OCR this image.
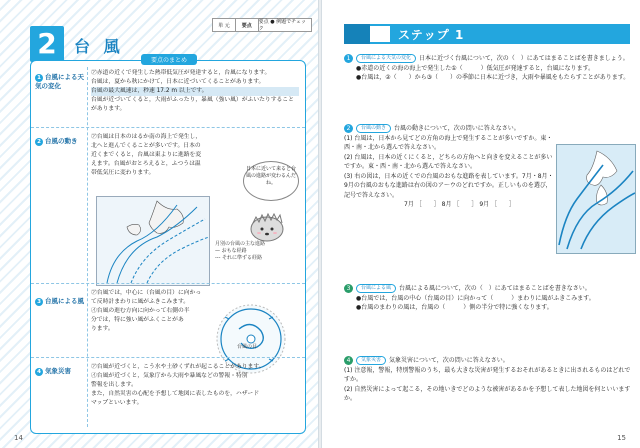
2	台 風
単 元	要点
要点 ● 例題でチェック
要点のまとめ
1 台風による天気の変化

㋐赤道の近くで発生した熱帯低気圧が発達すると，台風になります。

台風は，夏から秋にかけて，日本に近づいてくることがあります。

台風の最大風速は，秒速 17.2 m 以上です。

台風が近づいてくると，大雨がふったり，暴風（強い風）がふいたりすることがあります。

2 台風の動き	㋐台風は日本のはるか南の海上で発生し，

北へと進んでくることが多いです。日本の

近くまでくると，台風は東よりに進路を変

えます。台風がおとろえると，ふつうは温

帯低気圧に変わります。

日本に近いて来ると台風の進路が変わるんだね。
月別の台風の主な進路
— おもな経路
--- それに準ずる経路
3 台風による風

㋐台風では，中心に（台風の目）に向かっ

て反時計まわりに風がふきこみます。

㋑台風の進む方向に向かって右側の半

分では，特に強い風がふくことがあ

ります。

台風の目
4 気象災害	㋐台風が近づくと，こう水や土砂くずれが起こることがあります。

㋑台風が近づくと，気象庁から大雨や暴風などの警報・特別

警報を出します。

また，自然災害の心配を予想して地図に表したものを，ハザード

マップといいます。

14
ステップ 1

1 台風による天気の変化 日本に近づく台風について，次の（　）にあてはまることばを書きましょう。

●赤道の近くの海の海上で発生した①（　　　）低気圧が発達すると，台風になります。

●台風は，②（　　）から③（　　）の季節に日本に近づき，大雨や暴風をもたらすことがあります。

2 台風の動き 台風の動きについて，次の問いに答えなさい。

(1) 台風は，日本から見てどの方角の海上で発生することが多いですか。東・西・南・北から選んで答えなさい。

(2) 台風は，日本の近くにくると，どちらの方角へと向きを変えることが多いですか。東・西・南・北から選んで答えなさい。

(3) 右の図は，日本の近くでの台風のおもな進路を表しています。7月・8月・9月の台風のおもな進路は右の図のア〜ウのどれですか。正しいものを選び，記号で答えなさい。

7月 ［　　］ 8月 ［　　］ 9月 ［　　］

3 台風による風 台風による風について，次の（　）にあてはまることばを書きなさい。

●台風では，台風の中心（台風の目）に向かって（　　　）まわりに風がふきこみます。

●台風のまわりの風は，台風の（　　　）側の半分で特に強くなります。

4 気象災害 気象災害について，次の問いに答えなさい。

(1) 注意報，警報，特別警報のうち，最も大きな災害が発生するおそれがあるときに出されるものはどれですか。

(2) 自然災害によって起こる，その地いきでどのような被害があるかを予想して表した地図を何といいますか。

15
